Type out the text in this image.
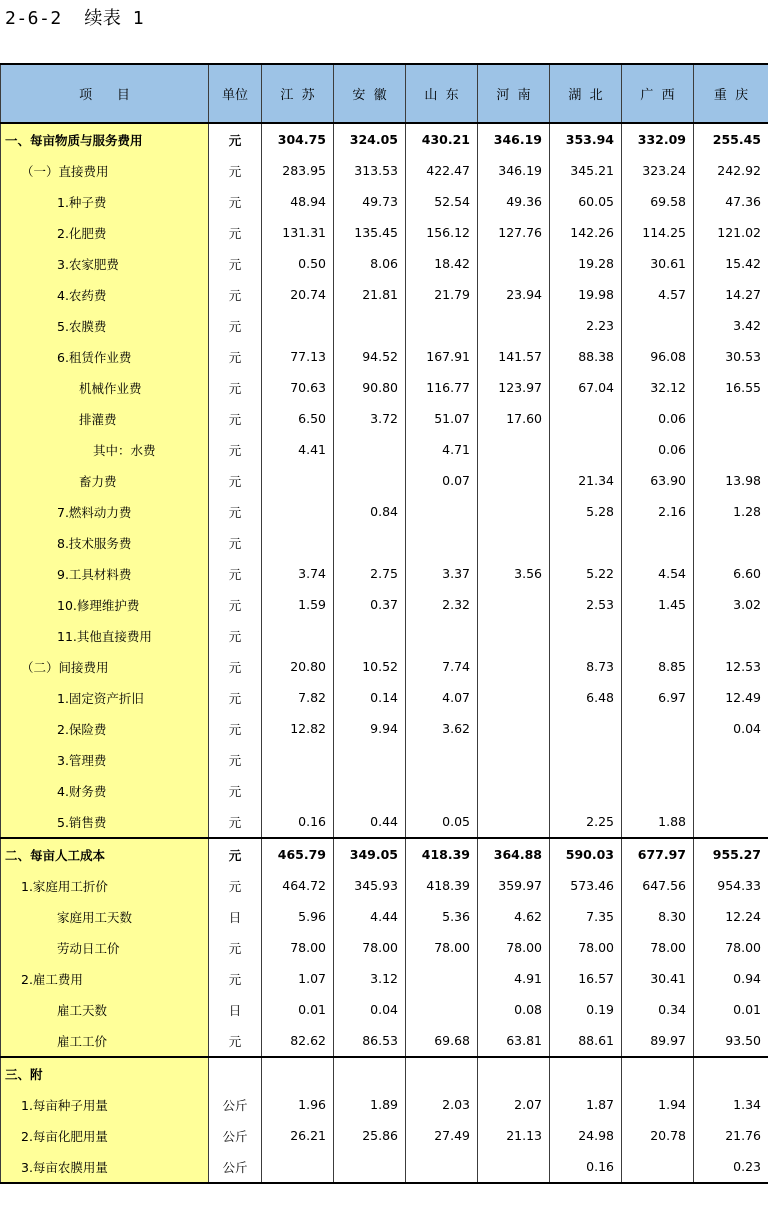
2-6-2  续表 1
项      目	单位	江  苏	安  徽	山  东	河  南	湖  北	广  西	重  庆
一、每亩物质与服务费用	元	304.75	324.05	430.21	346.19	353.94	332.09	255.45
（一）直接费用	元	283.95	313.53	422.47	346.19	345.21	323.24	242.92
1.种子费	元	48.94	49.73	52.54	49.36	60.05	69.58	47.36
2.化肥费	元	131.31	135.45	156.12	127.76	142.26	114.25	121.02
3.农家肥费	元	0.50	8.06	18.42		19.28	30.61	15.42
4.农药费	元	20.74	21.81	21.79	23.94	19.98	4.57	14.27
5.农膜费	元					2.23		3.42
6.租赁作业费	元	77.13	94.52	167.91	141.57	88.38	96.08	30.53
机械作业费	元	70.63	90.80	116.77	123.97	67.04	32.12	16.55
排灌费	元	6.50	3.72	51.07	17.60		0.06	
其中：水费	元	4.41		4.71			0.06	
畜力费	元			0.07		21.34	63.90	13.98
7.燃料动力费	元		0.84			5.28	2.16	1.28
8.技术服务费	元							
9.工具材料费	元	3.74	2.75	3.37	3.56	5.22	4.54	6.60
10.修理维护费	元	1.59	0.37	2.32		2.53	1.45	3.02
11.其他直接费用	元							
（二）间接费用	元	20.80	10.52	7.74		8.73	8.85	12.53
1.固定资产折旧	元	7.82	0.14	4.07		6.48	6.97	12.49
2.保险费	元	12.82	9.94	3.62				0.04
3.管理费	元							
4.财务费	元							
5.销售费	元	0.16	0.44	0.05		2.25	1.88	
二、每亩人工成本	元	465.79	349.05	418.39	364.88	590.03	677.97	955.27
1.家庭用工折价	元	464.72	345.93	418.39	359.97	573.46	647.56	954.33
家庭用工天数	日	5.96	4.44	5.36	4.62	7.35	8.30	12.24
劳动日工价	元	78.00	78.00	78.00	78.00	78.00	78.00	78.00
2.雇工费用	元	1.07	3.12		4.91	16.57	30.41	0.94
雇工天数	日	0.01	0.04		0.08	0.19	0.34	0.01
雇工工价	元	82.62	86.53	69.68	63.81	88.61	89.97	93.50
三、附								
1.每亩种子用量	公斤	1.96	1.89	2.03	2.07	1.87	1.94	1.34
2.每亩化肥用量	公斤	26.21	25.86	27.49	21.13	24.98	20.78	21.76
3.每亩农膜用量	公斤					0.16		0.23
